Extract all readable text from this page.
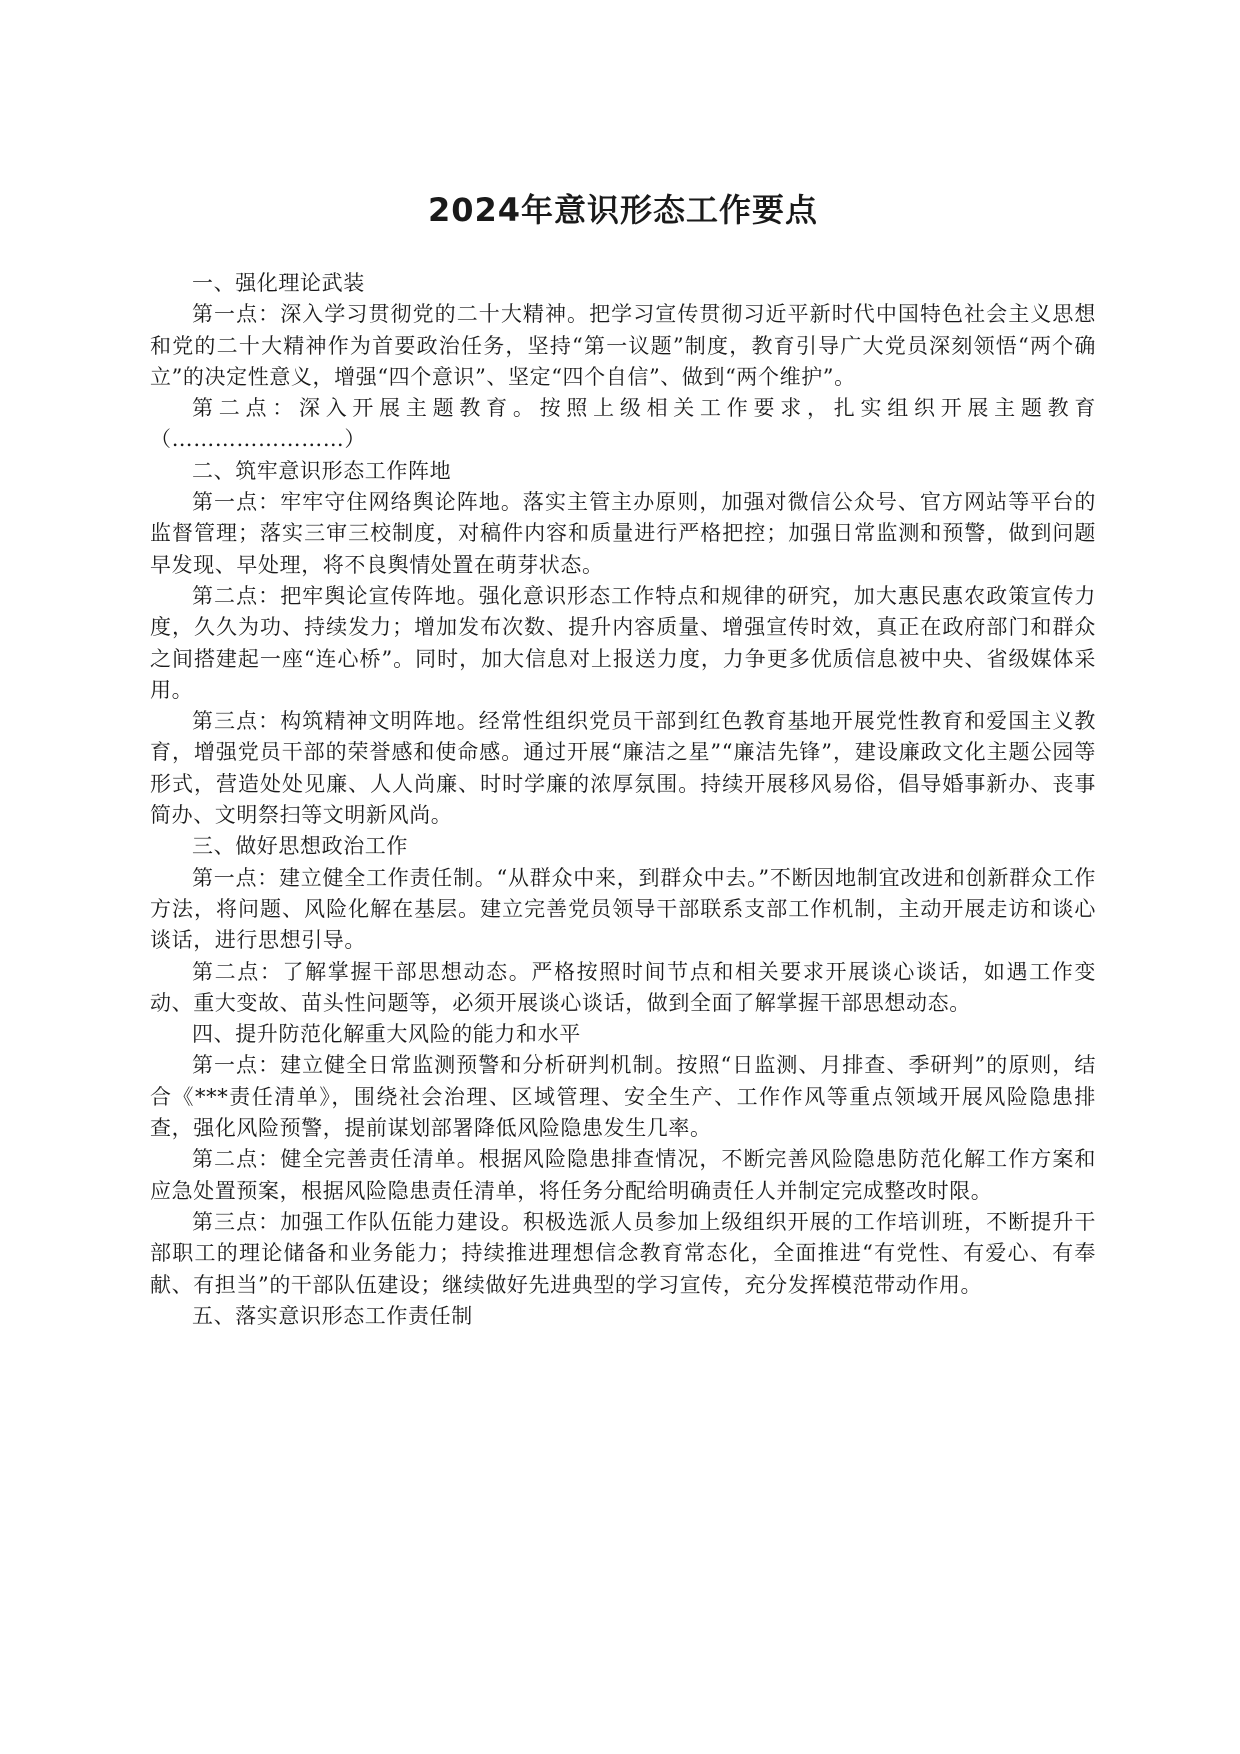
2024年意识形态工作要点

一、强化理论武装

第一点：深入学习贯彻党的二十大精神。把学习宣传贯彻习近平新时代中国特色社会主义思想和党的二十大精神作为首要政治任务，坚持“第一议题”制度，教育引导广大党员深刻领悟“两个确立”的决定性意义，增强“四个意识”、坚定“四个自信”、做到“两个维护”。

第二点：深入开展主题教育。按照上级相关工作要求，扎实组织开展主题教育（……………………）

二、筑牢意识形态工作阵地

第一点：牢牢守住网络舆论阵地。落实主管主办原则，加强对微信公众号、官方网站等平台的监督管理；落实三审三校制度，对稿件内容和质量进行严格把控；加强日常监测和预警，做到问题早发现、早处理，将不良舆情处置在萌芽状态。

第二点：把牢舆论宣传阵地。强化意识形态工作特点和规律的研究，加大惠民惠农政策宣传力度，久久为功、持续发力；增加发布次数、提升内容质量、增强宣传时效，真正在政府部门和群众之间搭建起一座“连心桥”。同时，加大信息对上报送力度，力争更多优质信息被中央、省级媒体采用。

第三点：构筑精神文明阵地。经常性组织党员干部到红色教育基地开展党性教育和爱国主义教育，增强党员干部的荣誉感和使命感。通过开展“廉洁之星”“廉洁先锋”，建设廉政文化主题公园等形式，营造处处见廉、人人尚廉、时时学廉的浓厚氛围。持续开展移风易俗，倡导婚事新办、丧事简办、文明祭扫等文明新风尚。

三、做好思想政治工作

第一点：建立健全工作责任制。“从群众中来，到群众中去。”不断因地制宜改进和创新群众工作方法，将问题、风险化解在基层。建立完善党员领导干部联系支部工作机制，主动开展走访和谈心谈话，进行思想引导。

第二点：了解掌握干部思想动态。严格按照时间节点和相关要求开展谈心谈话，如遇工作变动、重大变故、苗头性问题等，必须开展谈心谈话，做到全面了解掌握干部思想动态。

四、提升防范化解重大风险的能力和水平

第一点：建立健全日常监测预警和分析研判机制。按照“日监测、月排查、季研判”的原则，结合《***责任清单》，围绕社会治理、区域管理、安全生产、工作作风等重点领域开展风险隐患排查，强化风险预警，提前谋划部署降低风险隐患发生几率。

第二点：健全完善责任清单。根据风险隐患排查情况，不断完善风险隐患防范化解工作方案和应急处置预案，根据风险隐患责任清单，将任务分配给明确责任人并制定完成整改时限。

第三点：加强工作队伍能力建设。积极选派人员参加上级组织开展的工作培训班，不断提升干部职工的理论储备和业务能力；持续推进理想信念教育常态化，全面推进“有党性、有爱心、有奉献、有担当”的干部队伍建设；继续做好先进典型的学习宣传，充分发挥模范带动作用。

五、落实意识形态工作责任制
